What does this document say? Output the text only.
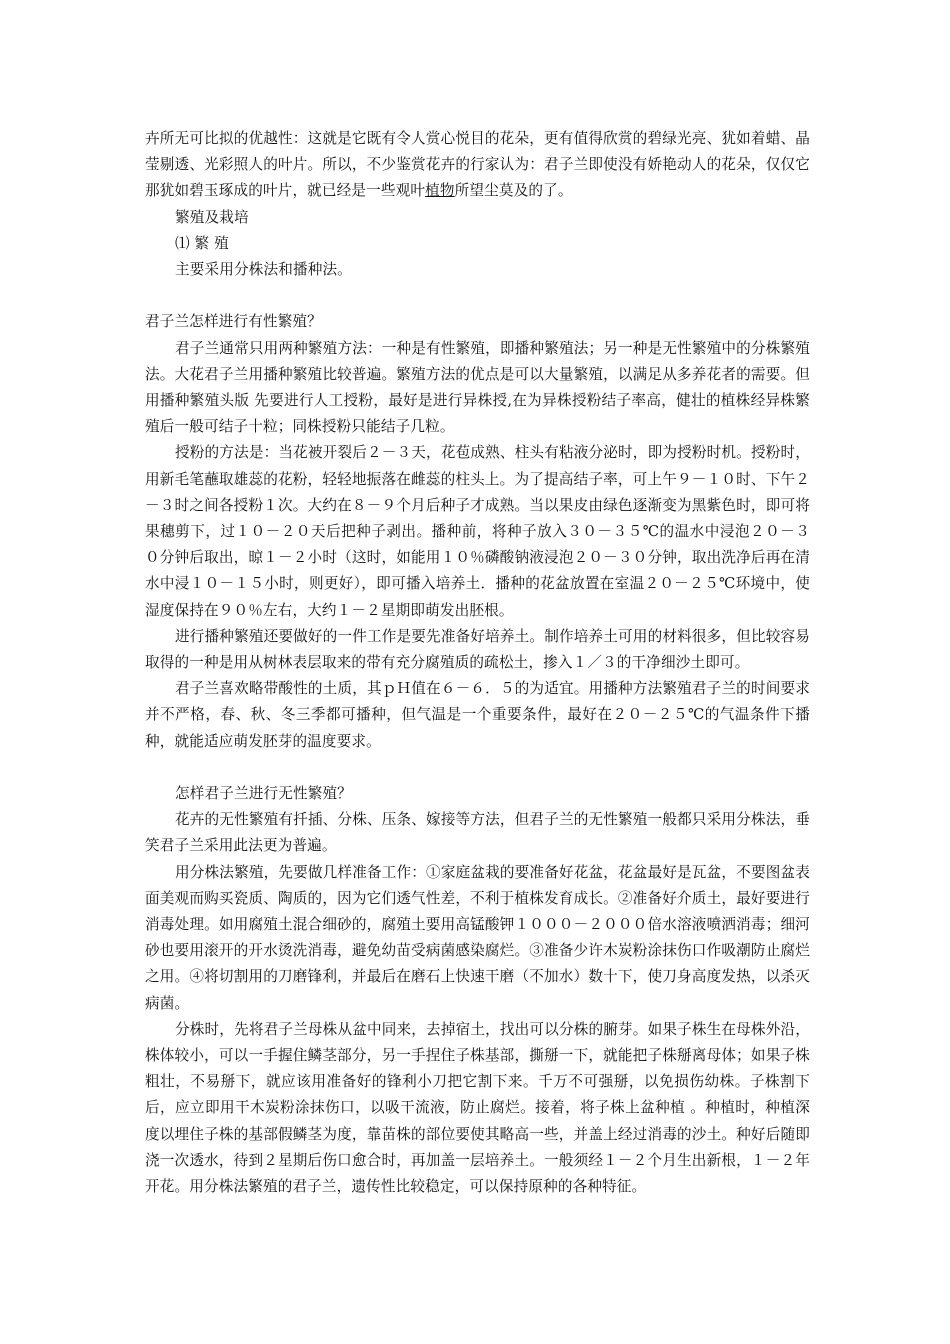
卉所无可比拟的优越性：这就是它既有令人赏心悦目的花朵，更有值得欣赏的碧绿光亮、犹如着蜡、晶莹剔透、光彩照人的叶片。所以，不少鉴赏花卉的行家认为：君子兰即使没有娇艳动人的花朵，仅仅它那犹如碧玉琢成的叶片，就已经是一些观叶植物所望尘莫及的了。

繁殖及栽培

⑴ 繁 殖

主要采用分株法和播种法。

君子兰怎样进行有性繁殖？

君子兰通常只用两种繁殖方法：一种是有性繁殖，即播种繁殖法；另一种是无性繁殖中的分株繁殖法。大花君子兰用播种繁殖比较普遍。繁殖方法的优点是可以大量繁殖，以满足从多养花者的需要。但用播种繁殖头版 先要进行人工授粉，最好是进行异株授,在为异株授粉结子率高，健壮的植株经异株繁殖后一般可结子十粒；同株授粉只能结子几粒。

授粉的方法是：当花被开裂后２－３天，花苞成熟、柱头有粘液分泌时，即为授粉时机。授粉时，用新毛笔蘸取雄蕊的花粉，轻轻地振落在雌蕊的柱头上。为了提高结子率，可上午９－１０时、下午２－３时之间各授粉１次。大约在８－９个月后种子才成熟。当以果皮由绿色逐渐变为黑紫色时，即可将果穗剪下，过１０－２０天后把种子剥出。播种前，将种子放入３０－３５℃的温水中浸泡２０－３０分钟后取出，晾１－２小时（这时，如能用１０％磷酸钠液浸泡２０－３０分钟，取出洗净后再在清水中浸１０－１５小时，则更好），即可播入培养土．播种的花盆放置在室温２０－２５℃环境中，使湿度保持在９０％左右，大约１－２星期即萌发出胚根。

进行播种繁殖还要做好的一件工作是要先准备好培养土。制作培养土可用的材料很多，但比较容易取得的一种是用从树林表层取来的带有充分腐殖质的疏松土，掺入１／３的干净细沙土即可。

君子兰喜欢略带酸性的土质，其ｐＨ值在６－６．５的为适宜。用播种方法繁殖君子兰的时间要求并不严格，春、秋、冬三季都可播种，但气温是一个重要条件，最好在２０－２５℃的气温条件下播种，就能适应萌发胚芽的温度要求。

怎样君子兰进行无性繁殖？

花卉的无性繁殖有扦插、分株、压条、嫁接等方法，但君子兰的无性繁殖一般都只采用分株法，垂笑君子兰采用此法更为普遍。

用分株法繁殖，先要做几样准备工作：①家庭盆栽的要准备好花盆，花盆最好是瓦盆，不要图盆表面美观而购买瓷质、陶质的，因为它们透气性差，不利于植株发育成长。②准备好介质土，最好要进行消毒处理。如用腐殖土混合细砂的，腐殖土要用高锰酸钾１０００－２０００倍水溶液喷洒消毒；细河砂也要用滚开的开水烫洗消毒，避免幼苗受病菌感染腐烂。③准备少许木炭粉涂抹伤口作吸潮防止腐烂之用。④将切割用的刀磨锋利，并最后在磨石上快速干磨（不加水）数十下，使刀身高度发热，以杀灭病菌。

分株时，先将君子兰母株从盆中同来，去掉宿土，找出可以分株的腑芽。如果子株生在母株外沿，株体较小，可以一手握住鳞茎部分，另一手捏住子株基部，撕掰一下，就能把子株掰离母体；如果子株粗壮，不易掰下，就应该用准备好的锋利小刀把它割下来。千万不可强掰，以免损伤幼株。子株割下后，应立即用干木炭粉涂抹伤口，以吸干流液，防止腐烂。接着，将子株上盆种植 。种植时，种植深度以埋住子株的基部假鳞茎为度，靠苗株的部位要使其略高一些，并盖上经过消毒的沙土。种好后随即浇一次透水，待到２星期后伤口愈合时，再加盖一层培养土。一般须经１－２个月生出新根，１－２年开花。用分株法繁殖的君子兰，遗传性比较稳定，可以保持原种的各种特征。
